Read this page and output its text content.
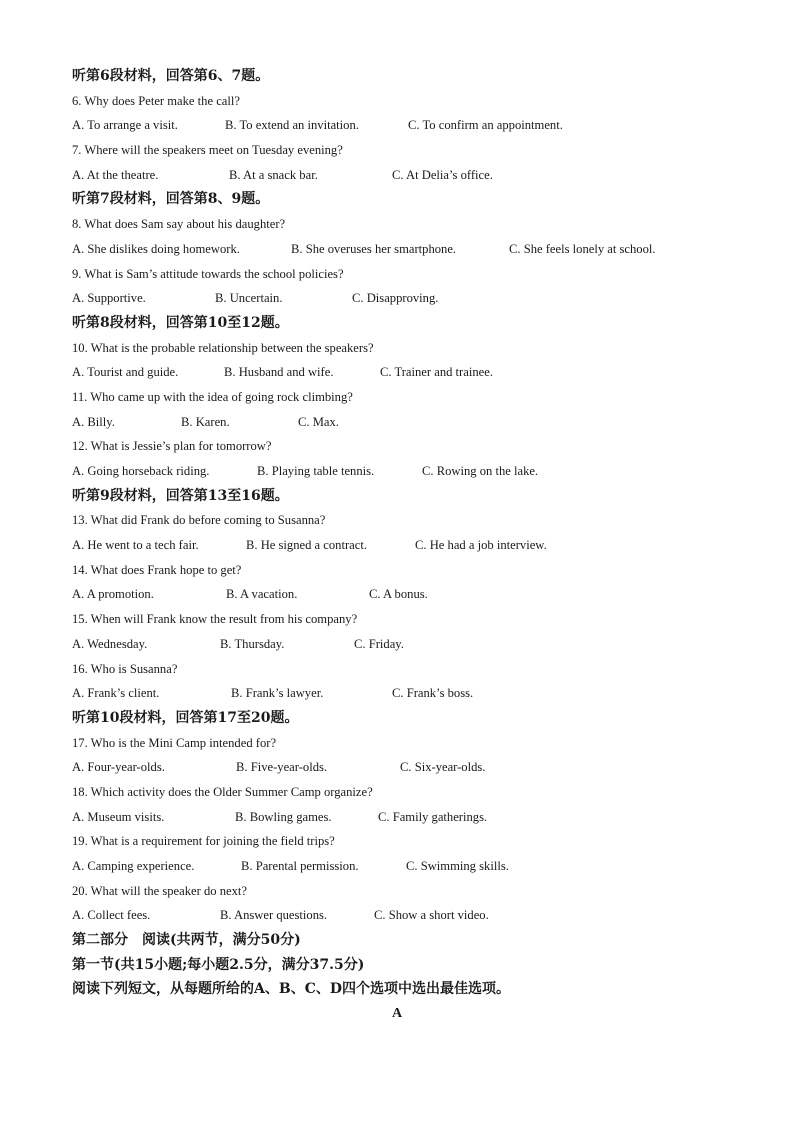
听第6段材料，回答第6、7题。
6. Why does Peter make the call?
A. To arrange a visit.	B. To extend an invitation.	C. To confirm an appointment.
7. Where will the speakers meet on Tuesday evening?
A. At the theatre.	B. At a snack bar.	C. At Delia’s office.
听第7段材料，回答第8、9题。
8. What does Sam say about his daughter?
A. She dislikes doing homework.	B. She overuses her smartphone.	C. She feels lonely at school.
9. What is Sam’s attitude towards the school policies?
A. Supportive.	B. Uncertain.	C. Disapproving.
听第8段材料，回答第10至12题。
10. What is the probable relationship between the speakers?
A. Tourist and guide.	B. Husband and wife.	C. Trainer and trainee.
11. Who came up with the idea of going rock climbing?
A. Billy.	B. Karen.	C. Max.
12. What is Jessie’s plan for tomorrow?
A. Going horseback riding.	B. Playing table tennis.	C. Rowing on the lake.
听第9段材料，回答第13至16题。
13. What did Frank do before coming to Susanna?
A. He went to a tech fair.	B. He signed a contract.	C. He had a job interview.
14. What does Frank hope to get?
A. A promotion.	B. A vacation.	C. A bonus.
15. When will Frank know the result from his company?
A. Wednesday.	B. Thursday.	C. Friday.
16. Who is Susanna?
A. Frank’s client.	B. Frank’s lawyer.	C. Frank’s boss.
听第10段材料，回答第17至20题。
17. Who is the Mini Camp intended for?
A. Four-year-olds.	B. Five-year-olds.	C. Six-year-olds.
18. Which activity does the Older Summer Camp organize?
A. Museum visits.	B. Bowling games.	C. Family gatherings.
19. What is a requirement for joining the field trips?
A. Camping experience.	B. Parental permission.	C. Swimming skills.
20. What will the speaker do next?
A. Collect fees.	B. Answer questions.	C. Show a short video.
第二部分　阅读(共两节，满分50分)
第一节(共15小题;每小题2.5分，满分37.5分)
阅读下列短文，从每题所给的A、B、C、D四个选项中选出最佳选项。
A
